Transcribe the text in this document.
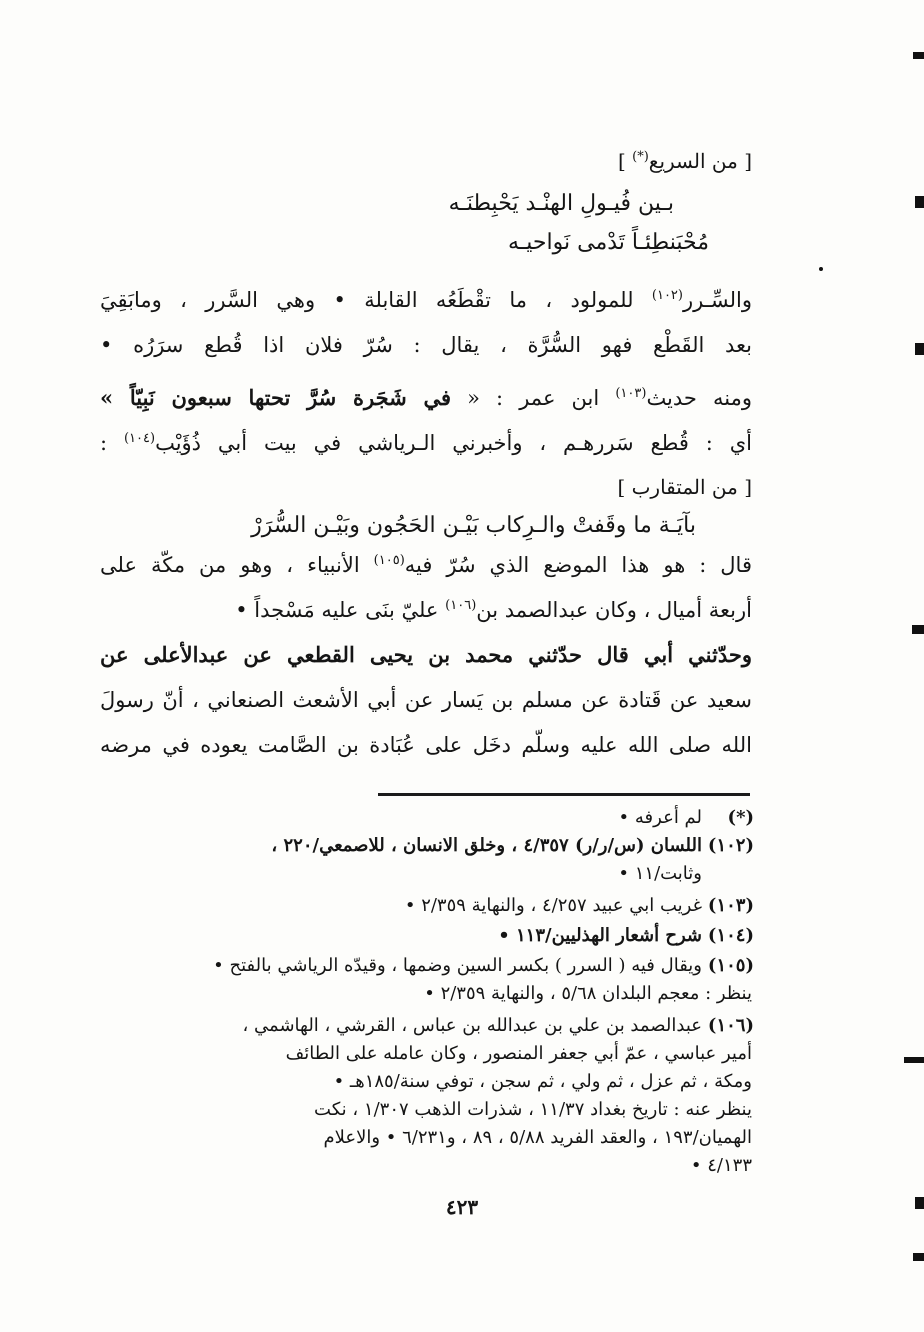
[ من السريع(*) ]
بـين فُيـولِ الهنْـد يَحْبِطنَـه
مُحْبَنطِئـاً تَدْمى نَواحيـه
والسِّـرر$^{(١٠٢)}$ للمولود ، ما تقْطَعُه القابلة • وهي السَّرر ، ومابَقِيَ
بعد القَطْع فهو السُّرَّة ، يقال : سُرّ فلان اذا قُطع سرَرُه •
ومنه حديث$^{(١٠٣)}$ ابن عمر : « في شَجَرة سُرَّ تحتها سبعون نَبِيّاً »
أي : قُطع سَررهـم ، وأخبرني الـرياشي في بيت أبي ذُؤَيْب$^{(١٠٤)}$ :
[ من المتقارب ]
بآيَـة ما وقَفتْ والـرِكاب بَيْـن الحَجُون وبَيْـن السُّرَرْ
قال : هو هذا الموضع الذي سُرّ فيه$^{(١٠٥)}$ الأنبياء ، وهو من مكّة على
أربعة أميال ، وكان عبدالصمد بن$^{(١٠٦)}$ عليّ بنَى عليه مَسْجداً •
وحدّثني أبي قال حدّثني محمد بن يحيى القطعي عن عبدالأعلى عن
سعيد عن قَتادة عن مسلم بن يَسار عن أبي الأشعث الصنعاني ، أنّ رسولَ
الله صلى الله عليه وسلّم دخَل على عُبَادة بن الصَّامت يعوده في مرضه
(*)لم أعرفه •
(١٠٢)اللسان (س/ر/ر) ٤/٣٥٧ ، وخلق الانسان ، للاصمعي/٢٢٠ ،
وثابت/١١ •
(١٠٣)غريب ابي عبيد ٤/٢٥٧ ، والنهاية ٢/٣٥٩ •
(١٠٤)شرح أشعار الهذليين/١١٣ •
(١٠٥)ويقال فيه ( السرر ) بكسر السين وضمها ، وقيدّه الرياشي بالفتح •
ينظر : معجم البلدان ٥/٦٨ ، والنهاية ٢/٣٥٩ •
(١٠٦)عبدالصمد بن علي بن عبدالله بن عباس ، القرشي ، الهاشمي ،
أمير عباسي ، عمّ أبي جعفر المنصور ، وكان عامله على الطائف
ومكة ، ثم عزل ، ثم ولي ، ثم سجن ، توفي سنة/١٨٥هـ •
ينظر عنه : تاريخ بغداد ١١/٣٧ ، شذرات الذهب ١/٣٠٧ ، نكت
الهميان/١٩٣ ، والعقد الفريد ٥/٨٨ ، ٨٩ ، و٦/٢٣١ • والاعلام
٤/١٣٣ •
٤٢٣
